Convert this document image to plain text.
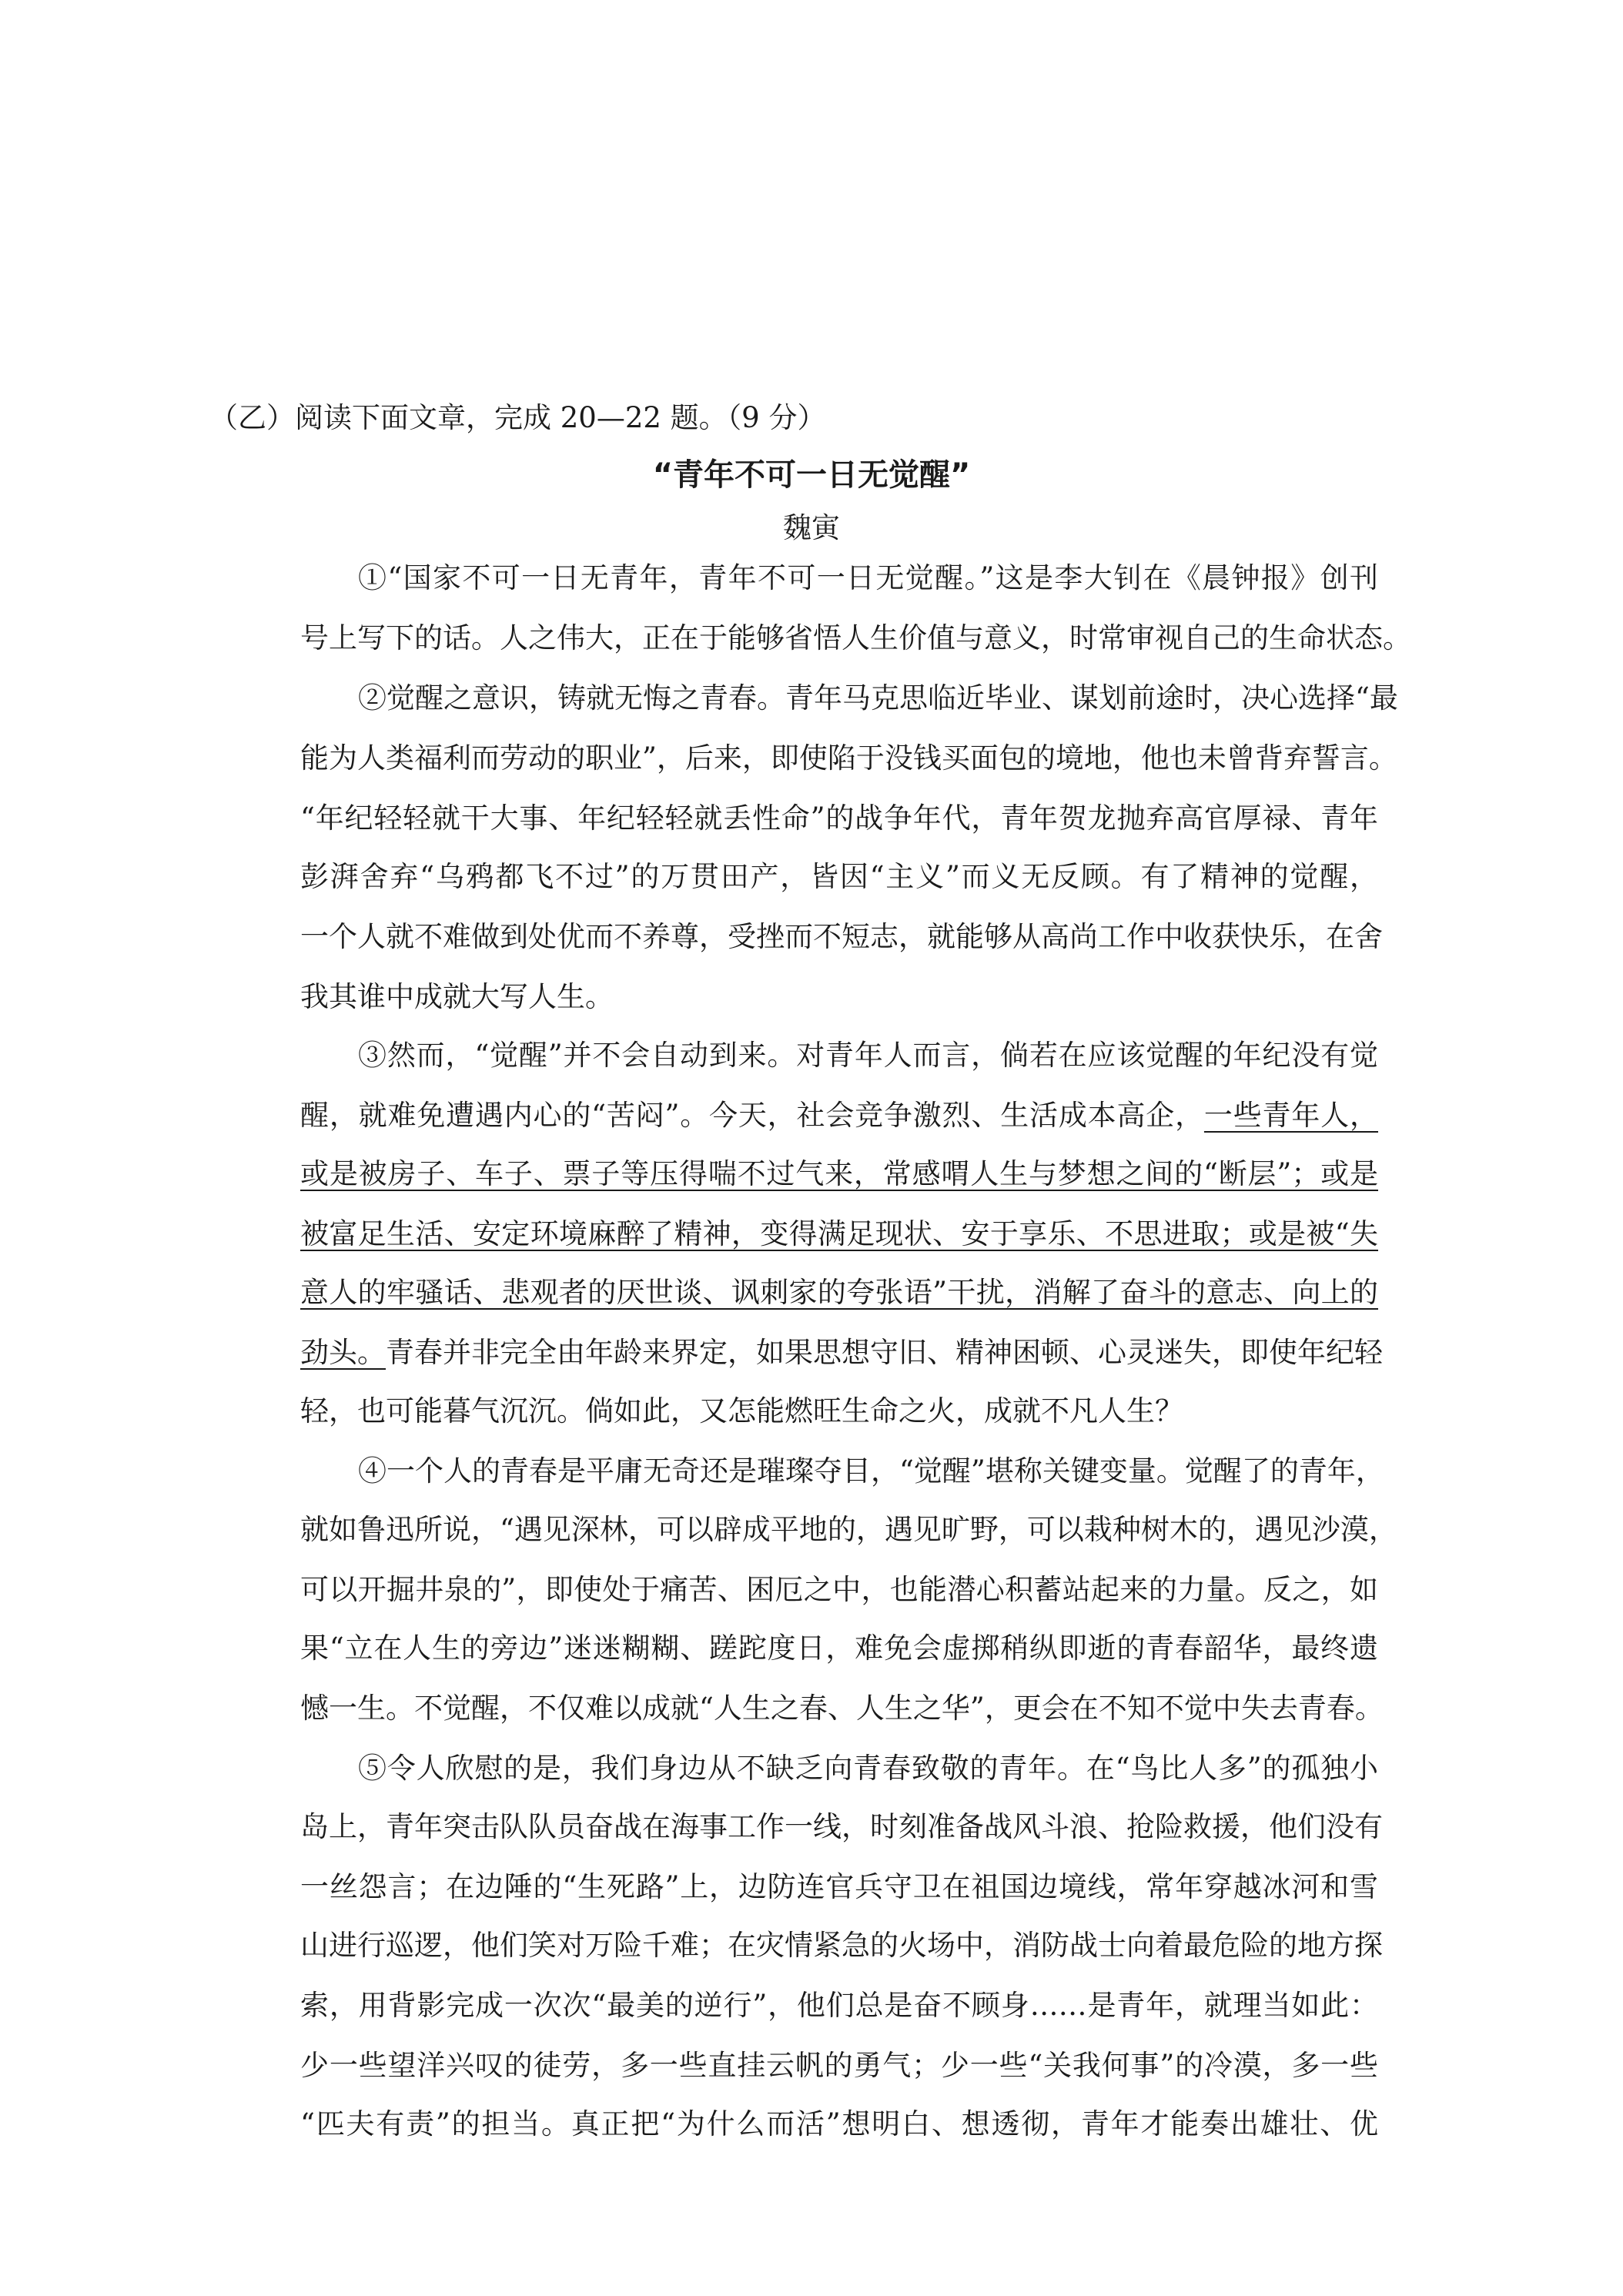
（乙）阅读下面文章，完成 20—22 题。（9 分）
“青年不可一日无觉醒”
魏寅
①“国家不可一日无青年，青年不可一日无觉醒。”这是李大钊在《晨钟报》创刊
号上写下的话。人之伟大，正在于能够省悟人生价值与意义，时常审视自己的生命状态。
②觉醒之意识，铸就无悔之青春。青年马克思临近毕业、谋划前途时，决心选择“最
能为人类福利而劳动的职业”，后来，即使陷于没钱买面包的境地，他也未曾背弃誓言。
“年纪轻轻就干大事、年纪轻轻就丢性命”的战争年代，青年贺龙抛弃高官厚禄、青年
彭湃舍弃“乌鸦都飞不过”的万贯田产，皆因“主义”而义无反顾。有了精神的觉醒，
一个人就不难做到处优而不养尊，受挫而不短志，就能够从高尚工作中收获快乐，在舍
我其谁中成就大写人生。
③然而，“觉醒”并不会自动到来。对青年人而言，倘若在应该觉醒的年纪没有觉
醒，就难免遭遇内心的“苦闷”。今天，社会竞争激烈、生活成本高企，一些青年人，
或是被房子、车子、票子等压得喘不过气来，常感喟人生与梦想之间的“断层”；或是
被富足生活、安定环境麻醉了精神，变得满足现状、安于享乐、不思进取；或是被“失
意人的牢骚话、悲观者的厌世谈、讽刺家的夸张语”干扰，消解了奋斗的意志、向上的
劲头。青春并非完全由年龄来界定，如果思想守旧、精神困顿、心灵迷失，即使年纪轻
轻，也可能暮气沉沉。倘如此，又怎能燃旺生命之火，成就不凡人生？
④一个人的青春是平庸无奇还是璀璨夺目，“觉醒”堪称关键变量。觉醒了的青年，
就如鲁迅所说，“遇见深林，可以辟成平地的，遇见旷野，可以栽种树木的，遇见沙漠，
可以开掘井泉的”，即使处于痛苦、困厄之中，也能潜心积蓄站起来的力量。反之，如
果“立在人生的旁边”迷迷糊糊、蹉跎度日，难免会虚掷稍纵即逝的青春韶华，最终遗
憾一生。不觉醒，不仅难以成就“人生之春、人生之华”，更会在不知不觉中失去青春。
⑤令人欣慰的是，我们身边从不缺乏向青春致敬的青年。在“鸟比人多”的孤独小
岛上，青年突击队队员奋战在海事工作一线，时刻准备战风斗浪、抢险救援，他们没有
一丝怨言；在边陲的“生死路”上，边防连官兵守卫在祖国边境线，常年穿越冰河和雪
山进行巡逻，他们笑对万险千难；在灾情紧急的火场中，消防战士向着最危险的地方探
索，用背影完成一次次“最美的逆行”，他们总是奋不顾身……是青年，就理当如此：
少一些望洋兴叹的徒劳，多一些直挂云帆的勇气；少一些“关我何事”的冷漠，多一些
“匹夫有责”的担当。真正把“为什么而活”想明白、想透彻，青年才能奏出雄壮、优
